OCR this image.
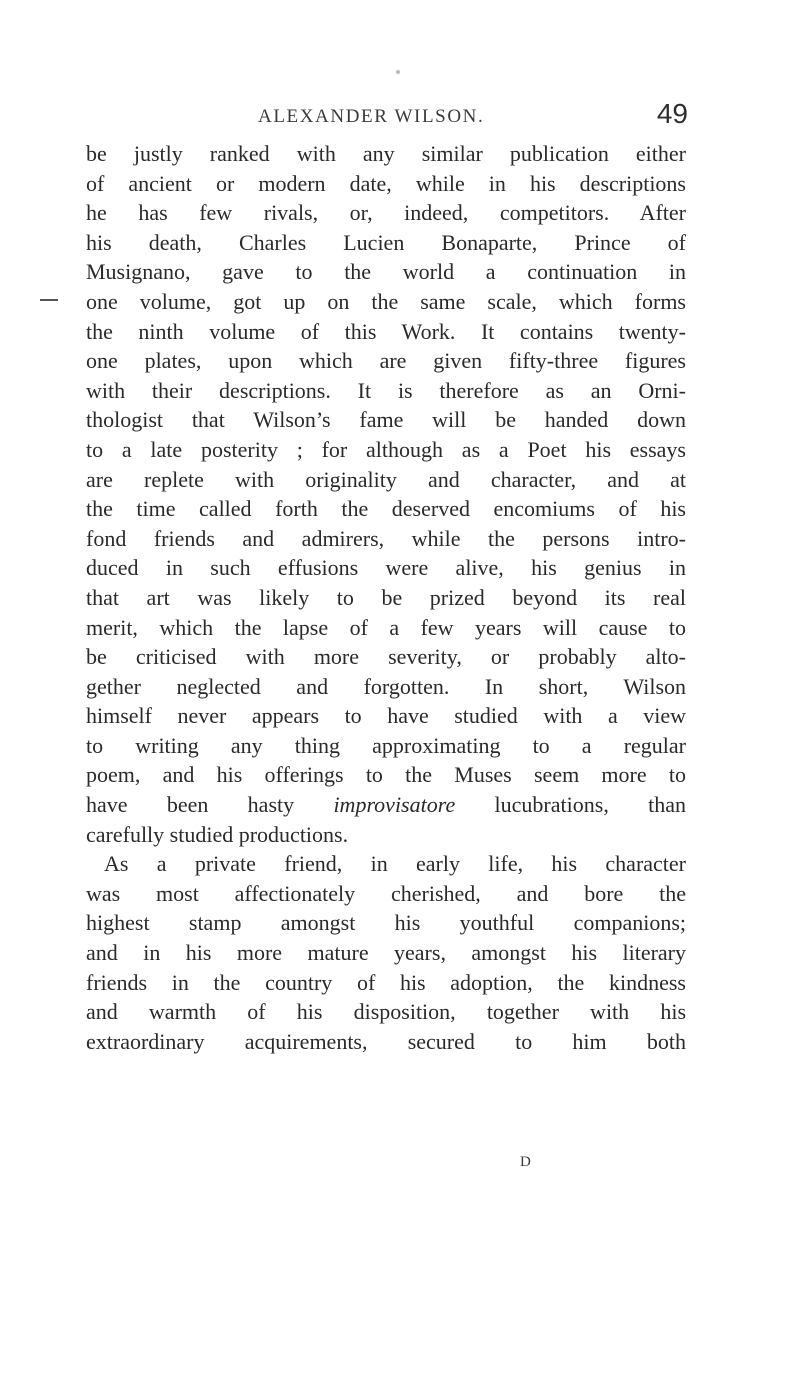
ALEXANDER WILSON.	49
be justly ranked with any similar publication either
of ancient or modern date, while in his descriptions
he has few rivals, or, indeed, competitors. After
his death, Charles Lucien Bonaparte, Prince of
Musignano, gave to the world a continuation in
one volume, got up on the same scale, which forms
the ninth volume of this Work. It contains twenty-
one plates, upon which are given fifty-three figures
with their descriptions. It is therefore as an Orni-
thologist that Wilson’s fame will be handed down
to a late posterity ; for although as a Poet his essays
are replete with originality and character, and at
the time called forth the deserved encomiums of his
fond friends and admirers, while the persons intro-
duced in such effusions were alive, his genius in
that art was likely to be prized beyond its real
merit, which the lapse of a few years will cause to
be criticised with more severity, or probably alto-
gether neglected and forgotten. In short, Wilson
himself never appears to have studied with a view
to writing any thing approximating to a regular
poem, and his offerings to the Muses seem more to
have been hasty improvisatore lucubrations, than
carefully studied productions.
As a private friend, in early life, his character
was most affectionately cherished, and bore the
highest stamp amongst his youthful companions;
and in his more mature years, amongst his literary
friends in the country of his adoption, the kindness
and warmth of his disposition, together with his
extraordinary acquirements, secured to him both
D
